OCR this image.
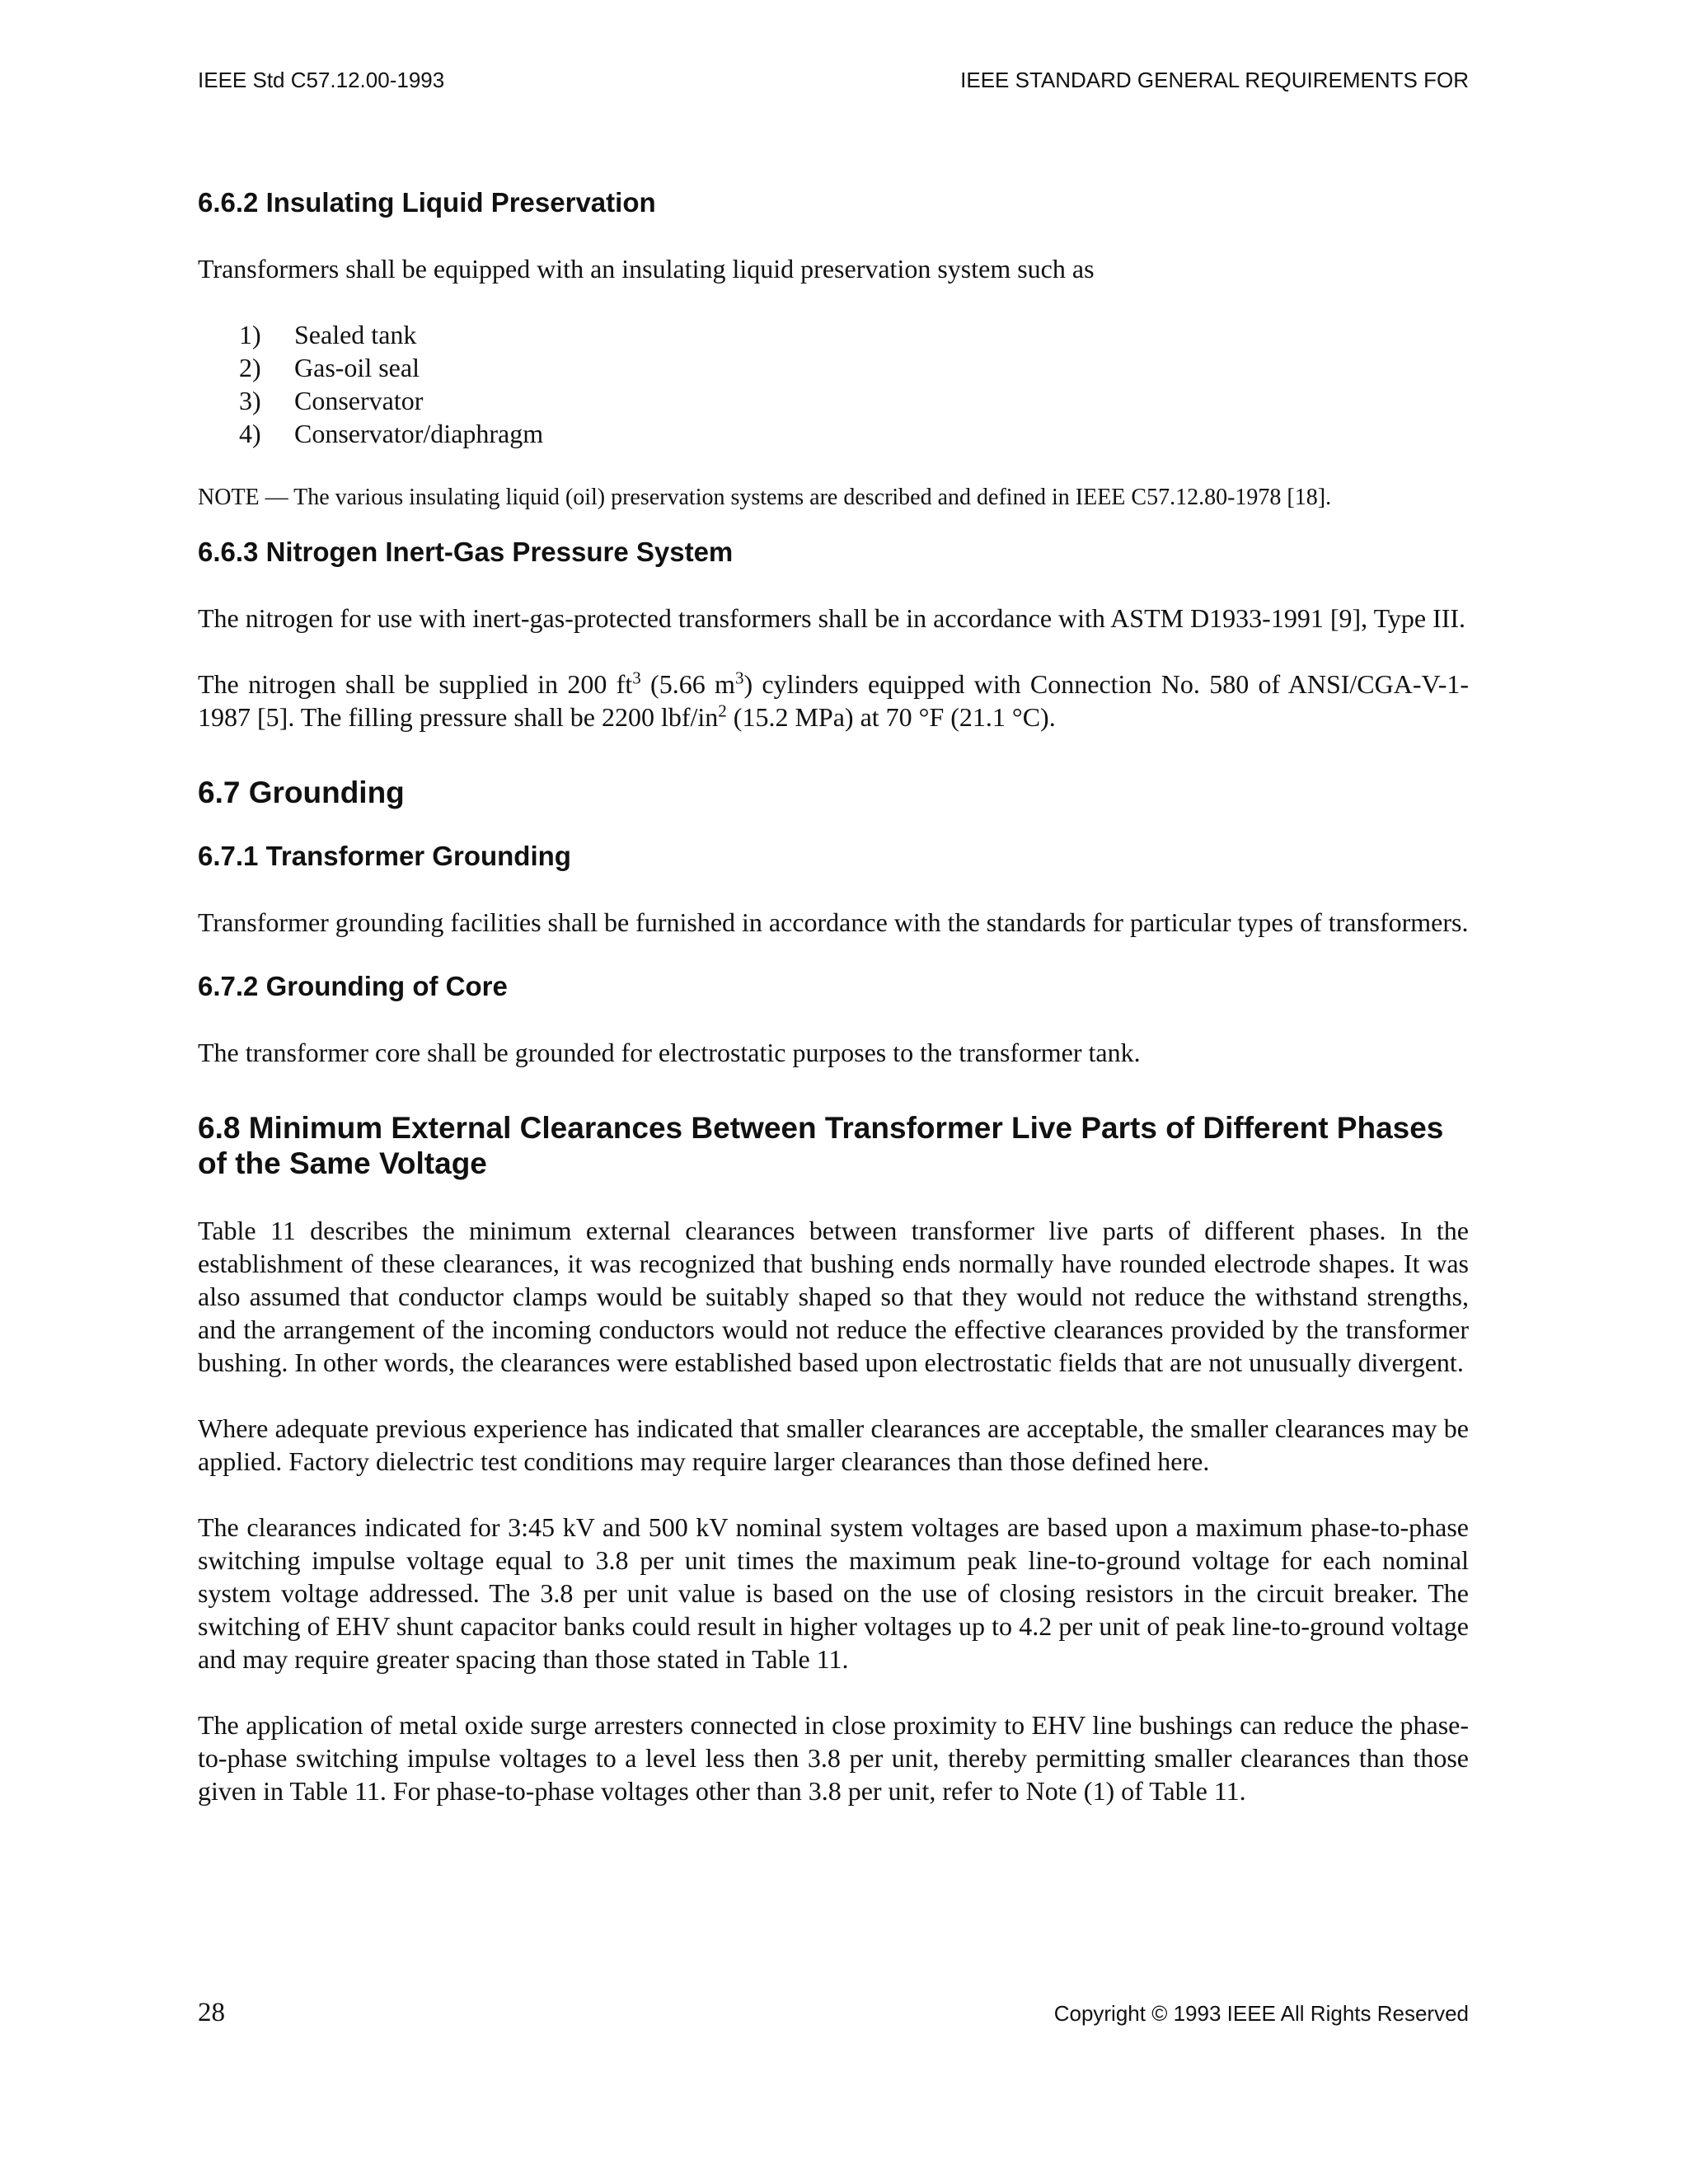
IEEE Std C57.12.00-1993	IEEE STANDARD GENERAL REQUIREMENTS FOR
6.6.2 Insulating Liquid Preservation

Transformers shall be equipped with an insulating liquid preservation system such as

1) Sealed tank
2) Gas-oil seal
3) Conservator
4) Conservator/diaphragm

NOTE — The various insulating liquid (oil) preservation systems are described and defined in IEEE C57.12.80-1978 [18].

6.6.3 Nitrogen Inert-Gas Pressure System

The nitrogen for use with inert-gas-protected transformers shall be in accordance with ASTM D1933-1991 [9], Type III.

The nitrogen shall be supplied in 200 $ft^3$ (5.66 $m^3$) cylinders equipped with Connection No. 580 of ANSI/CGA-V-1-1987 [5]. The filling pressure shall be 2200 lbf/$in^2$ (15.2 MPa) at 70 °F (21.1 °C).

6.7 Grounding
6.7.1 Transformer Grounding

Transformer grounding facilities shall be furnished in accordance with the standards for particular types of transformers.

6.7.2 Grounding of Core

The transformer core shall be grounded for electrostatic purposes to the transformer tank.

6.8 Minimum External Clearances Between Transformer Live Parts of Different Phases of the Same Voltage

Table 11 describes the minimum external clearances between transformer live parts of different phases. In the establishment of these clearances, it was recognized that bushing ends normally have rounded electrode shapes. It was also assumed that conductor clamps would be suitably shaped so that they would not reduce the withstand strengths, and the arrangement of the incoming conductors would not reduce the effective clearances provided by the transformer bushing. In other words, the clearances were established based upon electrostatic fields that are not unusually divergent.

Where adequate previous experience has indicated that smaller clearances are acceptable, the smaller clearances may be applied. Factory dielectric test conditions may require larger clearances than those defined here.

The clearances indicated for 3:45 kV and 500 kV nominal system voltages are based upon a maximum phase-to-phase switching impulse voltage equal to 3.8 per unit times the maximum peak line-to-ground voltage for each nominal system voltage addressed. The 3.8 per unit value is based on the use of closing resistors in the circuit breaker. The switching of EHV shunt capacitor banks could result in higher voltages up to 4.2 per unit of peak line-to-ground voltage and may require greater spacing than those stated in Table 11.

The application of metal oxide surge arresters connected in close proximity to EHV line bushings can reduce the phase-to-phase switching impulse voltages to a level less then 3.8 per unit, thereby permitting smaller clearances than those given in Table 11. For phase-to-phase voltages other than 3.8 per unit, refer to Note (1) of Table 11.

28	Copyright © 1993 IEEE All Rights Reserved
